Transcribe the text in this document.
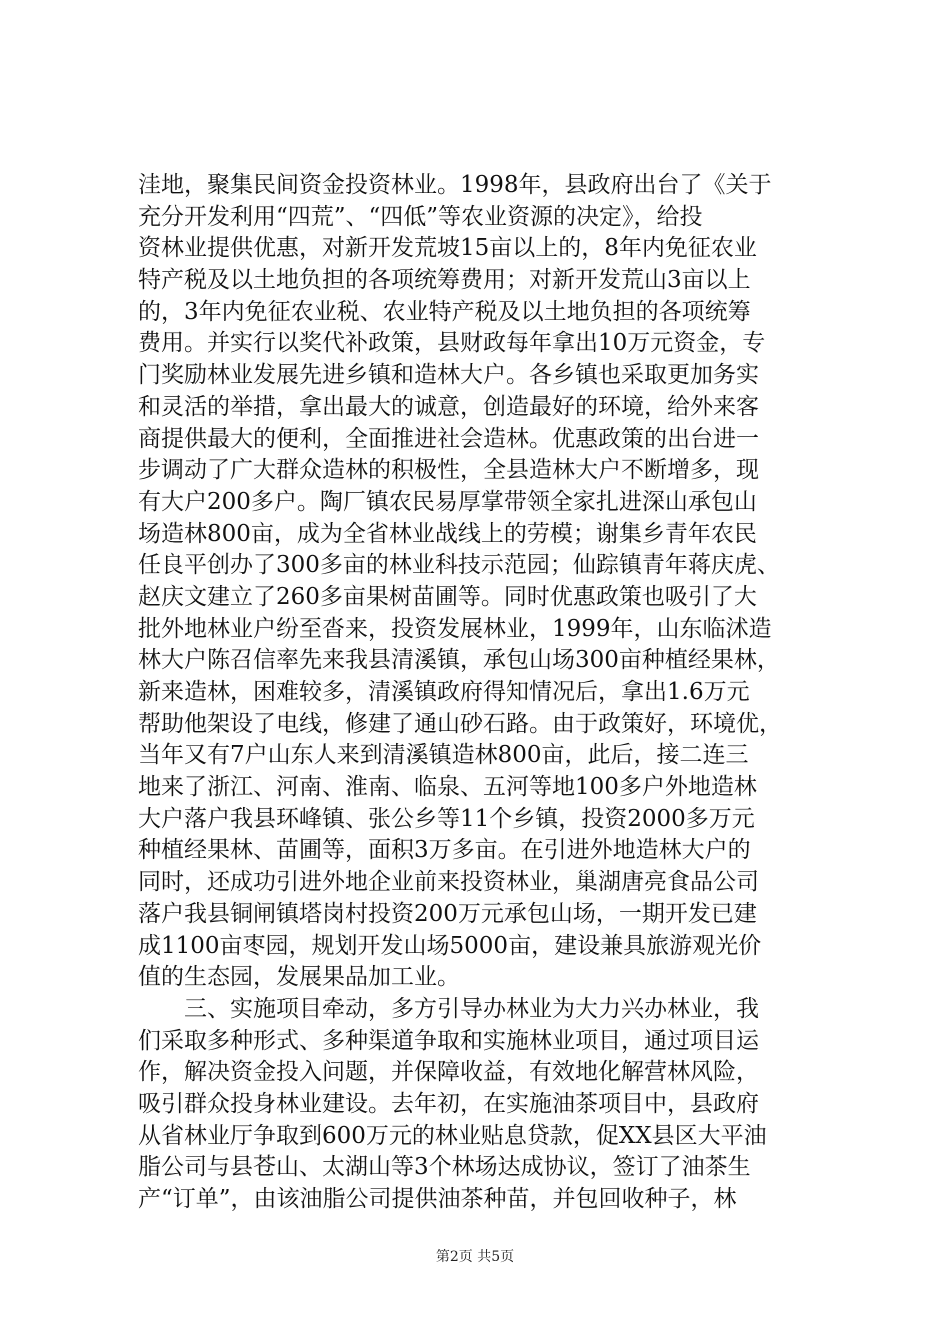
洼地，聚集民间资金投资林业。1998年，县政府出台了《关于
充分开发利用“四荒”、“四低”等农业资源的决定》，给投
资林业提供优惠，对新开发荒坡15亩以上的，8年内免征农业
特产税及以土地负担的各项统筹费用；对新开发荒山3亩以上
的，3年内免征农业税、农业特产税及以土地负担的各项统筹
费用。并实行以奖代补政策，县财政每年拿出10万元资金，专
门奖励林业发展先进乡镇和造林大户。各乡镇也采取更加务实
和灵活的举措，拿出最大的诚意，创造最好的环境，给外来客
商提供最大的便利，全面推进社会造林。优惠政策的出台进一
步调动了广大群众造林的积极性，全县造林大户不断增多，现
有大户200多户。陶厂镇农民易厚掌带领全家扎进深山承包山
场造林800亩，成为全省林业战线上的劳模；谢集乡青年农民
任良平创办了300多亩的林业科技示范园；仙踪镇青年蒋庆虎、
赵庆文建立了260多亩果树苗圃等。同时优惠政策也吸引了大
批外地林业户纷至沓来，投资发展林业，1999年，山东临沭造
林大户陈召信率先来我县清溪镇，承包山场300亩种植经果林，
新来造林，困难较多，清溪镇政府得知情况后，拿出1.6万元
帮助他架设了电线，修建了通山砂石路。由于政策好，环境优，
当年又有7户山东人来到清溪镇造林800亩，此后，接二连三
地来了浙江、河南、淮南、临泉、五河等地100多户外地造林
大户落户我县环峰镇、张公乡等11个乡镇，投资2000多万元
种植经果林、苗圃等，面积3万多亩。在引进外地造林大户的
同时，还成功引进外地企业前来投资林业，巢湖唐亮食品公司
落户我县铜闸镇塔岗村投资200万元承包山场，一期开发已建
成1100亩枣园，规划开发山场5000亩，建设兼具旅游观光价
值的生态园，发展果品加工业。
　　三、实施项目牵动，多方引导办林业为大力兴办林业，我
们采取多种形式、多种渠道争取和实施林业项目，通过项目运
作，解决资金投入问题，并保障收益，有效地化解营林风险，
吸引群众投身林业建设。去年初，在实施油茶项目中，县政府
从省林业厅争取到600万元的林业贴息贷款，促XX县区大平油
脂公司与县苍山、太湖山等3个林场达成协议，签订了油茶生
产“订单”，由该油脂公司提供油茶种苗，并包回收种子，林
第2页 共5页
